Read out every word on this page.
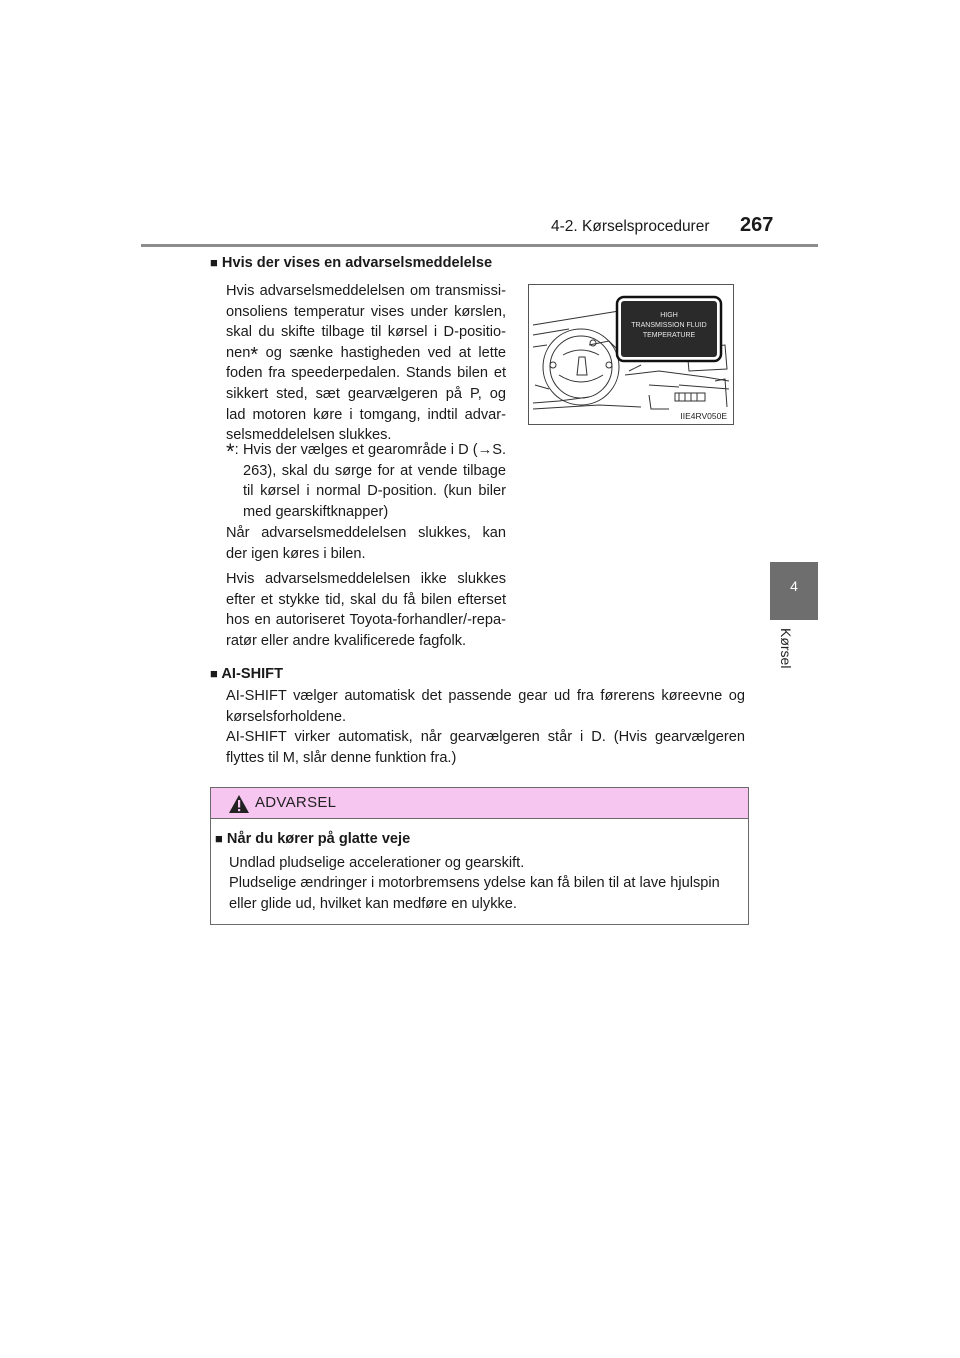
4-2. Kørselsprocedurer 267
4
Kørsel
■ Hvis der vises en advarselsmeddelelse
Hvis advarselsmeddelelsen om transmissi-onsoliens temperatur vises under kørslen, skal du skifte tilbage til kørsel i D-positio-nen* og sænke hastigheden ved at lette foden fra speederpedalen. Stands bilen et sikkert sted, sæt gearvælgeren på P, og lad motoren køre i tomgang, indtil advar-selsmeddelelsen slukkes.
*: Hvis der vælges et gearområde i D (→S. 263), skal du sørge for at vende tilbage til kørsel i normal D-position. (kun biler med gearskiftknapper)
Når advarselsmeddelelsen slukkes, kan der igen køres i bilen.
Hvis advarselsmeddelelsen ikke slukkes efter et stykke tid, skal du få bilen efterset hos en autoriseret Toyota-forhandler/-repa-ratør eller andre kvalificerede fagfolk.
HIGH
TRANSMISSION FLUID
TEMPERATURE
IIE4RV050E
■ AI-SHIFT
AI-SHIFT vælger automatisk det passende gear ud fra førerens køreevne og kørselsforholdene.
AI-SHIFT virker automatisk, når gearvælgeren står i D. (Hvis gearvælgeren flyttes til M, slår denne funktion fra.)
ADVARSEL
■ Når du kører på glatte veje
Undlad pludselige accelerationer og gearskift.
Pludselige ændringer i motorbremsens ydelse kan få bilen til at lave hjulspin eller glide ud, hvilket kan medføre en ulykke.
